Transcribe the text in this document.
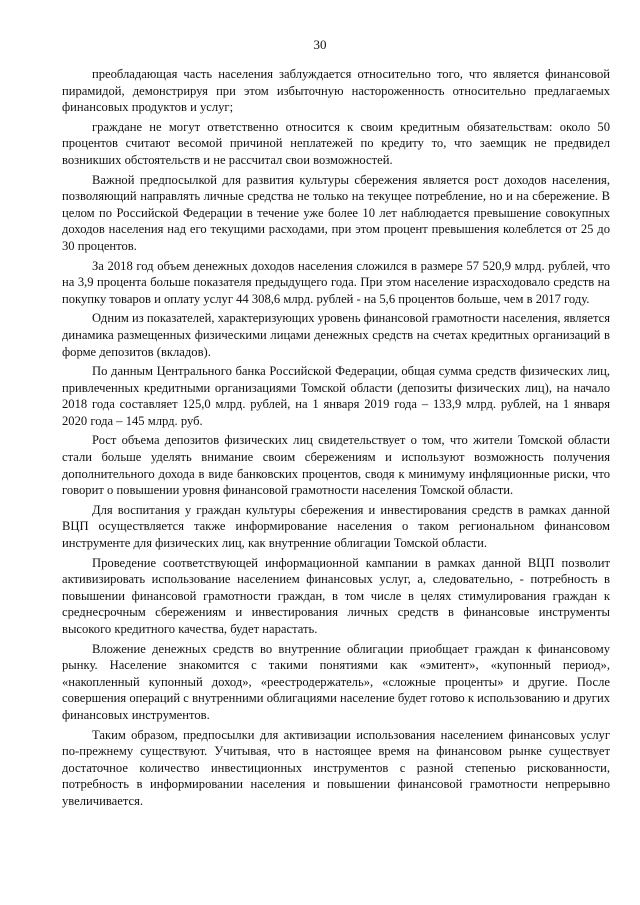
30

преобладающая часть населения заблуждается относительно того, что является финансовой пирамидой, демонстрируя при этом избыточную настороженность относительно предлагаемых финансовых продуктов и услуг;

граждане не могут ответственно относится к своим кредитным обязательствам: около 50 процентов считают весомой причиной неплатежей по кредиту то, что заемщик не предвидел возникших обстоятельств и не рассчитал свои возможностей.

Важной предпосылкой для развития культуры сбережения является рост доходов населения, позволяющий направлять личные средства не только на текущее потребление, но и на сбережение. В целом по Российской Федерации в течение уже более 10 лет наблюдается превышение совокупных доходов населения над его текущими расходами, при этом процент превышения колеблется от 25 до 30 процентов.

За 2018 год объем денежных доходов населения сложился в размере 57 520,9 млрд. рублей, что на 3,9 процента больше показателя предыдущего года. При этом население израсходовало средств на покупку товаров и оплату услуг 44 308,6 млрд. рублей - на 5,6 процентов больше, чем в 2017 году.

Одним из показателей, характеризующих уровень финансовой грамотности населения, является динамика размещенных физическими лицами денежных средств на счетах кредитных организаций в форме депозитов (вкладов).

По данным Центрального банка Российской Федерации, общая сумма средств физических лиц, привлеченных кредитными организациями Томской области (депозиты физических лиц), на начало 2018 года составляет 125,0 млрд. рублей, на 1 января 2019 года – 133,9 млрд. рублей, на 1 января 2020 года – 145 млрд. руб.

Рост объема депозитов физических лиц свидетельствует о том, что жители Томской области стали больше уделять внимание своим сбережениям и используют возможность получения дополнительного дохода в виде банковских процентов, сводя к минимуму инфляционные риски, что говорит о повышении уровня финансовой грамотности населения Томской области.

Для воспитания у граждан культуры сбережения и инвестирования средств в рамках данной ВЦП осуществляется также информирование населения о таком региональном финансовом инструменте для физических лиц, как внутренние облигации Томской области.

Проведение соответствующей информационной кампании в рамках данной ВЦП позволит активизировать использование населением финансовых услуг, а, следовательно, - потребность в повышении финансовой грамотности граждан, в том числе в целях стимулирования граждан к среднесрочным сбережениям и инвестирования личных средств в финансовые инструменты высокого кредитного качества, будет нарастать.

Вложение денежных средств во внутренние облигации приобщает граждан к финансовому рынку. Население знакомится с такими понятиями как «эмитент», «купонный период», «накопленный купонный доход», «реестродержатель», «сложные проценты» и другие. После совершения операций с внутренними облигациями население будет готово к использованию и других финансовых инструментов.

Таким образом, предпосылки для активизации использования населением финансовых услуг по-прежнему существуют. Учитывая, что в настоящее время на финансовом рынке существует достаточное количество инвестиционных инструментов с разной степенью рискованности, потребность в информировании населения и повышении финансовой грамотности непрерывно увеличивается.
